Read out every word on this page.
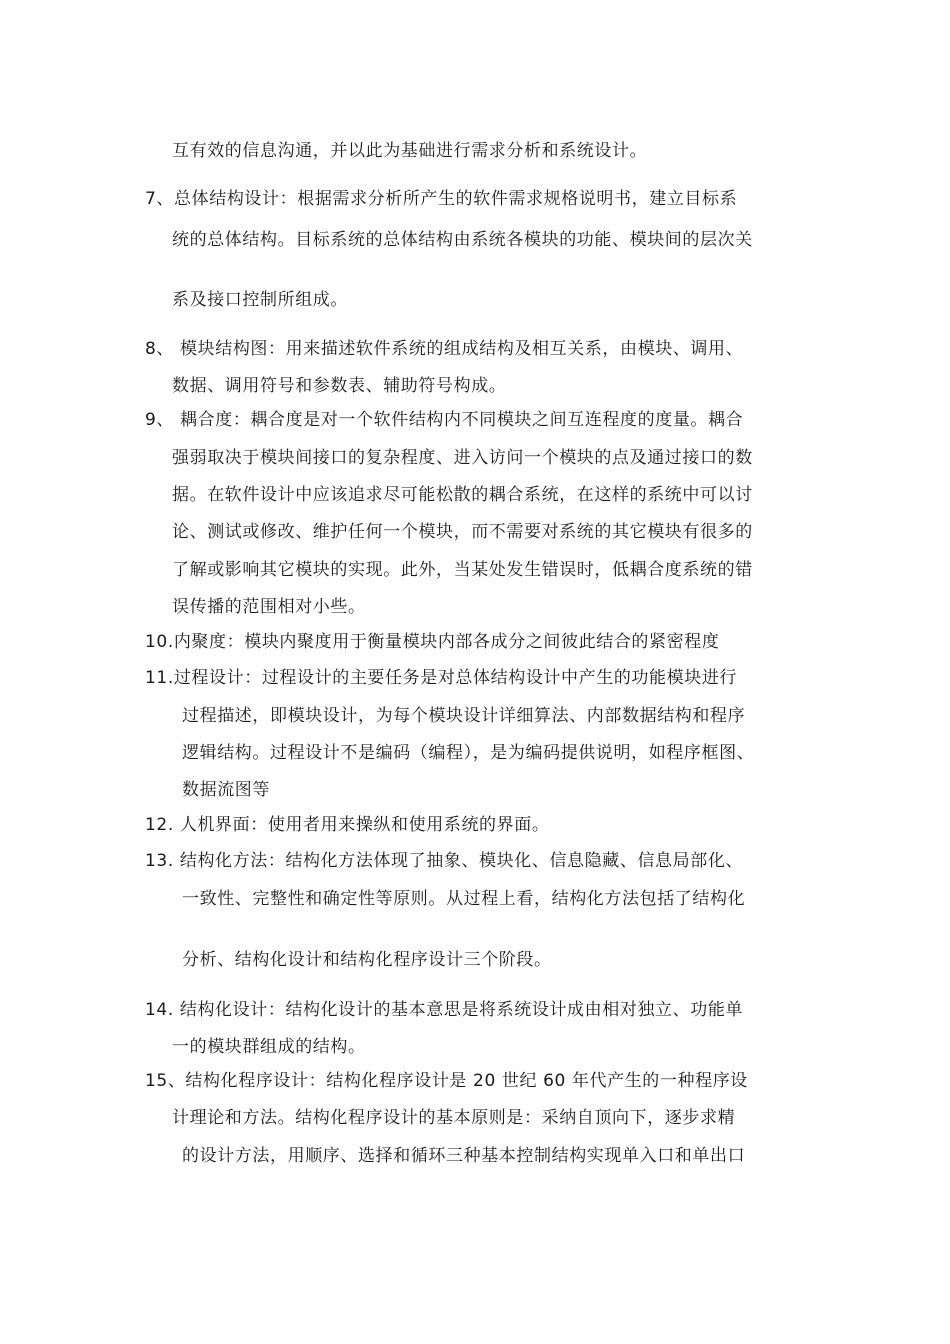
互有效的信息沟通，并以此为基础进行需求分析和系统设计。
7、总体结构设计：根据需求分析所产生的软件需求规格说明书，建立目标系
统的总体结构。目标系统的总体结构由系统各模块的功能、模块间的层次关
系及接口控制所组成。
8、 模块结构图：用来描述软件系统的组成结构及相互关系，由模块、调用、
数据、调用符号和参数表、辅助符号构成。
9、 耦合度：耦合度是对一个软件结构内不同模块之间互连程度的度量。耦合
强弱取决于模块间接口的复杂程度、进入访问一个模块的点及通过接口的数
据。在软件设计中应该追求尽可能松散的耦合系统，在这样的系统中可以讨
论、测试或修改、维护任何一个模块，而不需要对系统的其它模块有很多的
了解或影响其它模块的实现。此外，当某处发生错误时，低耦合度系统的错
误传播的范围相对小些。
10.内聚度：模块内聚度用于衡量模块内部各成分之间彼此结合的紧密程度
11.过程设计：过程设计的主要任务是对总体结构设计中产生的功能模块进行
过程描述，即模块设计，为每个模块设计详细算法、内部数据结构和程序
逻辑结构。过程设计不是编码（编程），是为编码提供说明，如程序框图、
数据流图等
12. 人机界面：使用者用来操纵和使用系统的界面。
13. 结构化方法：结构化方法体现了抽象、模块化、信息隐藏、信息局部化、
一致性、完整性和确定性等原则。从过程上看，结构化方法包括了结构化
分析、结构化设计和结构化程序设计三个阶段。
14. 结构化设计：结构化设计的基本意思是将系统设计成由相对独立、功能单
一的模块群组成的结构。
15、结构化程序设计：结构化程序设计是 20 世纪 60 年代产生的一种程序设
计理论和方法。结构化程序设计的基本原则是：采纳自顶向下，逐步求精
的设计方法，用顺序、选择和循环三种基本控制结构实现单入口和单出口
